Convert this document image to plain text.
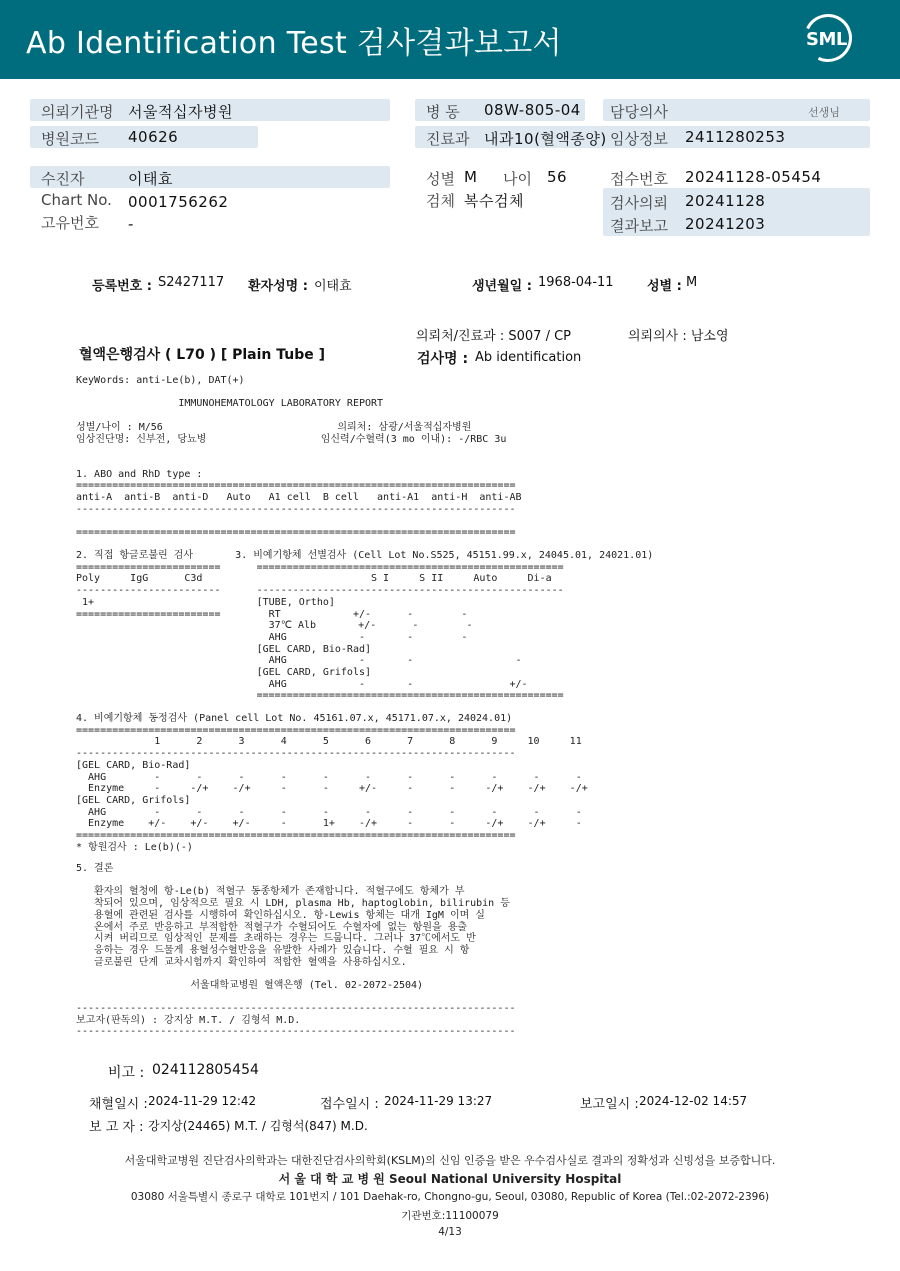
Ab Identification Test 검사결과보고서	SML
의뢰기관명 서울적십자병원
병원코드 40626
병 동 08W-805-04 담당의사	선생님
진료과 내과10(혈액종양) 임상정보 2411280253
수진자	이태효
Chart No. 0001756262
고유번호 -
성별 M 나이 56
검체 복수검체
접수번호 20241128-05454
검사의뢰 20241128
결과보고 20241203
등록번호 : S2427117 환자성명 : 이태효	생년월일 : 1968-04-11	성별 : M
의뢰처/진료과 : S007 / CP	의뢰의사 : 남소영
혈액은행검사 ( L70 ) [ Plain Tube ]	검사명 : Ab identification
KeyWords: anti-Le(b), DAT(+)

IMMUNOHEMATOLOGY LABORATORY REPORT

성별/나이 : M/56                             의뢰처: 삼광/서울적십자병원
임상진단명: 신부전, 당뇨병                   임신력/수혈력(3 mo 이내): -/RBC 3u

1. ABO and RhD type :
=========================================================================
anti-A  anti-B  anti-D   Auto   A1 cell  B cell   anti-A1  anti-H  anti-AB
-------------------------------------------------------------------------

=========================================================================
2. 직접 항글로불린 검사       3. 비예기항체 선별검사 (Cell Lot No.S525, 45151.99.x, 24045.01, 24021.01)
========================      ===================================================
Poly     IgG      C3d                            S I     S II     Auto     Di-a
------------------------      ---------------------------------------------------
1+                           [TUBE, Ortho]
========================        RT            +/-      -        -
37℃ Alb       +/-      -        -
AHG            -       -        -
[GEL CARD, Bio-Rad]
AHG            -       -                 -
[GEL CARD, Grifols]
AHG            -       -                +/-
===================================================
4. 비예기항체 동정검사 (Panel cell Lot No. 45161.07.x, 45171.07.x, 24024.01)
=========================================================================
1      2      3      4      5      6      7      8      9     10     11
-------------------------------------------------------------------------
[GEL CARD, Bio-Rad]
AHG        -      -      -      -      -      -      -      -      -      -      -
Enzyme     -     -/+    -/+     -      -     +/-     -      -     -/+    -/+    -/+
[GEL CARD, Grifols]
AHG        -      -      -      -      -      -      -      -      -      -      -
Enzyme    +/-    +/-    +/-     -      1+    -/+     -      -     -/+    -/+     -
=========================================================================
* 항원검사 : Le(b)(-)
5. 결론

환자의 혈청에 항-Le(b) 적혈구 동종항체가 존재합니다. 적혈구에도 항체가 부
착되어 있으며, 임상적으로 필요 시 LDH, plasma Hb, haptoglobin, bilirubin 등
용혈에 관련된 검사를 시행하여 확인하십시오. 항-Lewis 항체는 대개 IgM 이며 실
온에서 주로 반응하고 부적합한 적혈구가 수혈되어도 수혈자에 없는 항원을 용출
시켜 버리므로 임상적인 문제를 초래하는 경우는 드뭅니다. 그러나 37℃에서도 반
응하는 경우 드물게 용혈성수혈반응을 유발한 사례가 있습니다. 수혈 필요 시 항
글로불린 단계 교차시험까지 확인하여 적합한 혈액을 사용하십시오.

서울대학교병원 혈액은행 (Tel. 02-2072-2504)
-------------------------------------------------------------------------
보고자(판독의) : 강지상 M.T. / 김형석 M.D.
-------------------------------------------------------------------------
비고 : 024112805454
채혈일시 : 2024-11-29 12:42	접수일시 : 2024-11-29 13:27	보고일시 : 2024-12-02 14:57
보 고 자 : 강지상(24465) M.T. / 김형석(847) M.D.
서울대학교병원 진단검사의학과는 대한진단검사의학회(KSLM)의 신임 인증을 받은 우수검사실로 결과의 정확성과 신빙성을 보증합니다.
서 울 대 학 교 병 원 Seoul National University Hospital
03080 서울특별시 종로구 대학로 101번지 / 101 Daehak-ro, Chongno-gu, Seoul, 03080, Republic of Korea (Tel.:02-2072-2396)
기관번호:11100079
4/13
